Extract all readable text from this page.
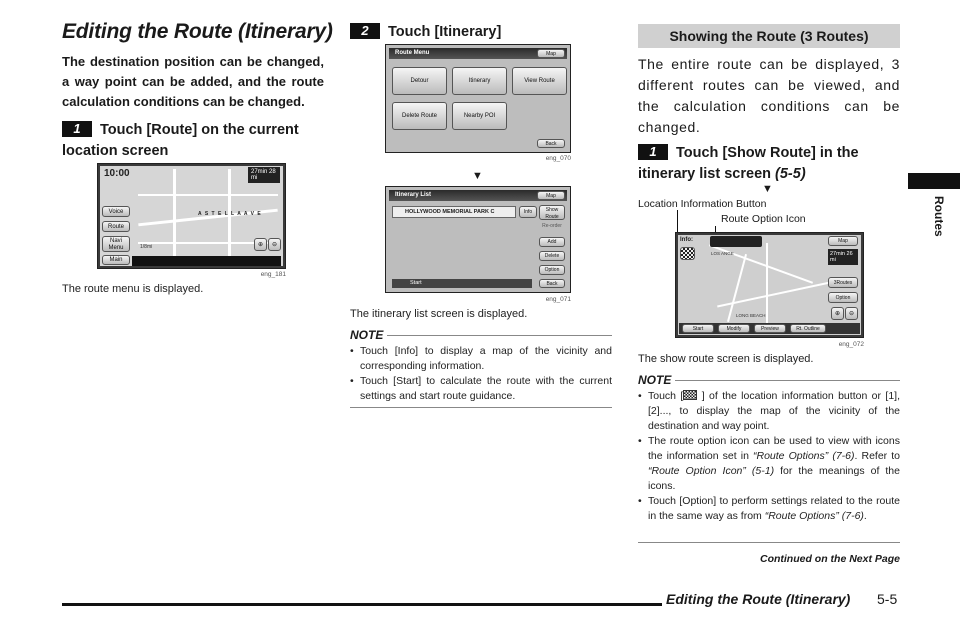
Editing the Route (Itinerary)
The destination position can be changed, a way point can be added, and the route calculation conditions can be changed.
1 Touch [Route] on the current location screen
10:00
A S T E L L A A V E
27min 28 mi
1/8mi
Voice
Route
Navi Menu
Main
⊕	⊖
eng_181
The route menu is displayed.
2 Touch [Itinerary]
Route Menu	Map
Detour	Itinerary	View Route
Delete Route	Nearby POI
Back
eng_070
▼
Itinerary List	Map
HOLLYWOOD MEMORIAL PARK C	Info	Show Route
Re-order
Add
Delete
Option
Back
Start
eng_071
The itinerary list screen is displayed.
NOTE
• Touch [Info] to display a map of the vicinity and corresponding information.
• Touch [Start] to calculate the route with the current settings and start route guidance.
Showing the Route (3 Routes)
The entire route can be displayed, 3 different routes can be viewed, and the calculation conditions can be changed.
1 Touch [Show Route] in the itinerary list screen (5-5)
▼
Location Information Button
Route Option Icon
LOS ANGE
LONG BEACH
Info:	Map
27min 26 mi
3Routes
Option
⊕	⊖
Start	Modify	Preview	Rt. Outline
eng_072
The show route screen is displayed.
NOTE
• Touch [ ] of the location information button or [1], [2]..., to display the map of the vicinity of the destination and way point.
• The route option icon can be used to view with icons the information set in “Route Options” (7-6). Refer to “Route Option Icon” (5-1) for the meanings of the icons.
• Touch [Option] to perform settings related to the route in the same way as from “Route Options” (7-6).
Continued on the Next Page
Routes
Editing the Route (Itinerary) 5-5
